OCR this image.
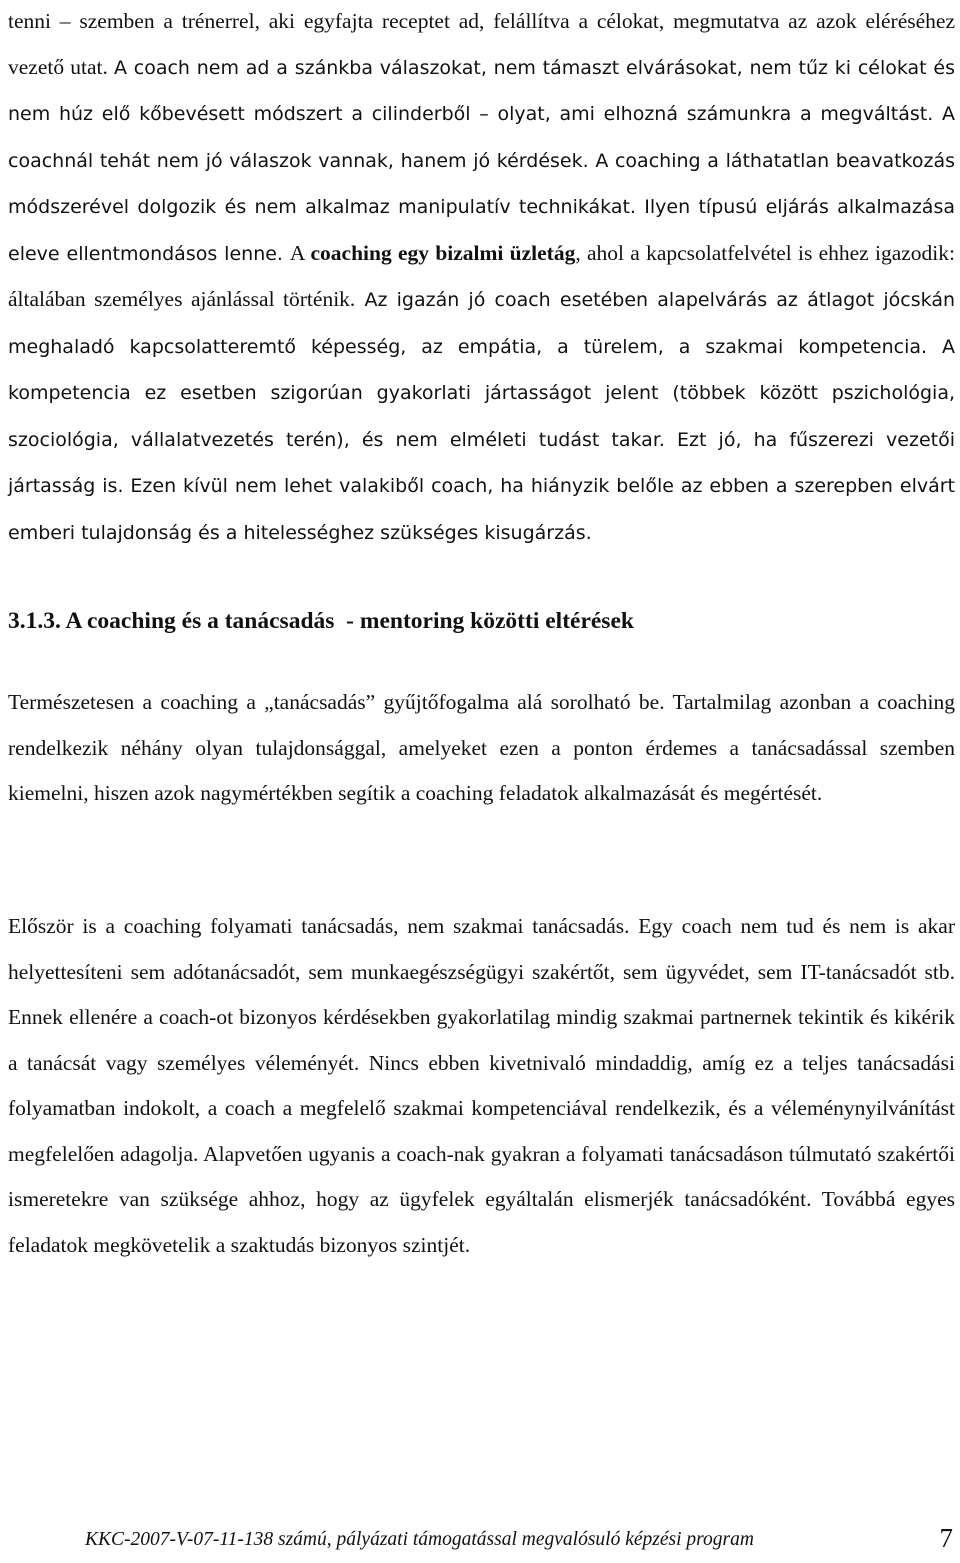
tenni – szemben a trénerrel, aki egyfajta receptet ad, felállítva a célokat, megmutatva az azok eléréséhez vezető utat. A coach nem ad a szánkba válaszokat, nem támaszt elvárásokat, nem tűz ki célokat és nem húz elő kőbevésett módszert a cilinderből – olyat, ami elhozná számunkra a megváltást. A coachnál tehát nem jó válaszok vannak, hanem jó kérdések. A coaching a láthatatlan beavatkozás módszerével dolgozik és nem alkalmaz manipulatív technikákat. Ilyen típusú eljárás alkalmazása eleve ellentmondásos lenne. A coaching egy bizalmi üzletág, ahol a kapcsolatfelvétel is ehhez igazodik: általában személyes ajánlással történik. Az igazán jó coach esetében alapelvárás az átlagot jócskán meghaladó kapcsolatteremtő képesség, az empátia, a türelem, a szakmai kompetencia. A kompetencia ez esetben szigorúan gyakorlati jártasságot jelent (többek között pszichológia, szociológia, vállalatvezetés terén), és nem elméleti tudást takar. Ezt jó, ha fűszerezi vezetői jártasság is. Ezen kívül nem lehet valakiből coach, ha hiányzik belőle az ebben a szerepben elvárt emberi tulajdonság és a hitelességhez szükséges kisugárzás.

3.1.3. A coaching és a tanácsadás  - mentoring közötti eltérések

Természetesen a coaching a „tanácsadás” gyűjtőfogalma alá sorolható be. Tartalmilag azonban a coaching rendelkezik néhány olyan tulajdonsággal, amelyeket ezen a ponton érdemes a tanácsadással szemben kiemelni, hiszen azok nagymértékben segítik a coaching feladatok alkalmazását és megértését.

Először is a coaching folyamati tanácsadás, nem szakmai tanácsadás. Egy coach nem tud és nem is akar helyettesíteni sem adótanácsadót, sem munkaegészségügyi szakértőt, sem ügyvédet, sem IT-tanácsadót stb. Ennek ellenére a coach-ot bizonyos kérdésekben gyakorlatilag mindig szakmai partnernek tekintik és kikérik a tanácsát vagy személyes véleményét. Nincs ebben kivetnivaló mindaddig, amíg ez a teljes tanácsadási folyamatban indokolt, a coach a megfelelő szakmai kompetenciával rendelkezik, és a véleménynyilvánítást megfelelően adagolja. Alapvetően ugyanis a coach-nak gyakran a folyamati tanácsadáson túlmutató szakértői ismeretekre van szüksége ahhoz, hogy az ügyfelek egyáltalán elismerjék tanácsadóként. Továbbá egyes feladatok megkövetelik a szaktudás bizonyos szintjét.

KKC-2007-V-07-11-138 számú, pályázati támogatással megvalósuló képzési program	7
